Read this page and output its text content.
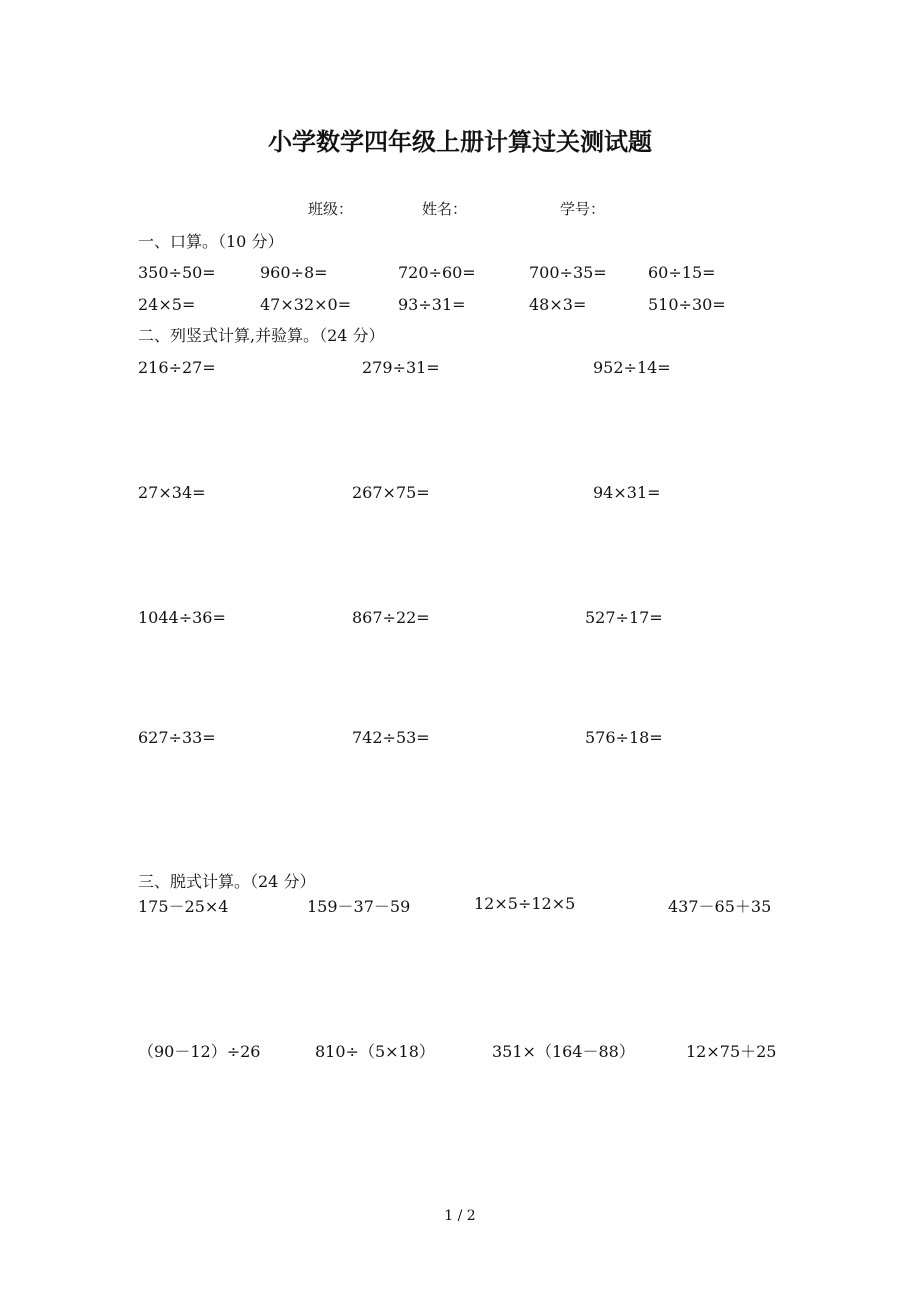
小学数学四年级上册计算过关测试题
班级：	姓名：	学号：
一、口算。（10 分）
350÷50=	960÷8=	720÷60=	700÷35=	60÷15=
24×5=	47×32×0=	93÷31=	48×3=	510÷30=
二、列竖式计算,并验算。（24 分）
216÷27=	279÷31=	952÷14=
27×34=	267×75=	94×31=
1044÷36=	867÷22=	527÷17=
627÷33=	742÷53=	576÷18=
三、脱式计算。（24 分）
175－25×4	159－37－59	12×5÷12×5	437－65＋35
（90－12）÷26	810÷（5×18）	351×（164－88）	12×75＋25
1 / 2
